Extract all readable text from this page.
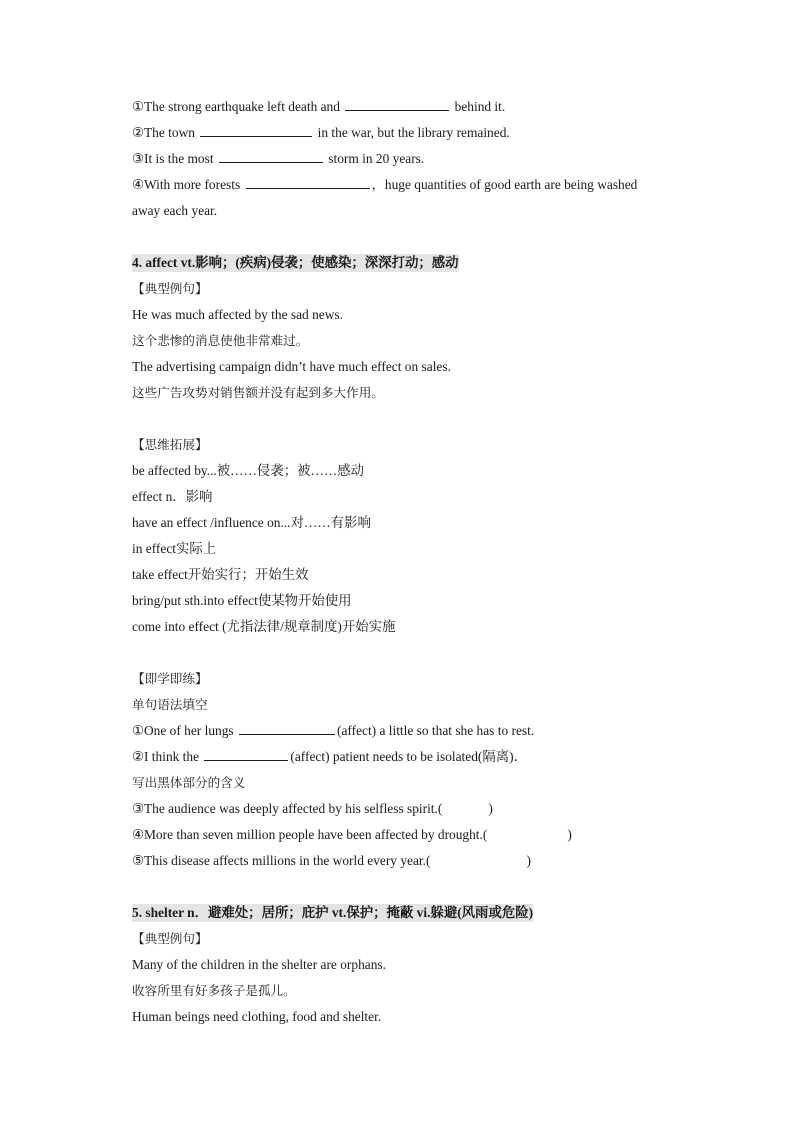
①The strong earthquake left death and	behind it.
②The town	in the war, but the library remained.
③It is the most	storm in 20 years.
④With more forests	，huge quantities of good earth are being washed
away each year.
4. affect vt.影响；(疾病)侵袭；使感染；深深打动；感动
【典型例句】
He was much affected by the sad news.
这个悲惨的消息使他非常难过。
The advertising campaign didn’t have much effect on sales.
这些广告攻势对销售额并没有起到多大作用。
【思维拓展】
be affected by...被……侵袭；被……感动
effect n．影响
have an effect /influence on...对……有影响
in effect实际上
take effect开始实行；开始生效
bring/put sth.into effect使某物开始使用
come into effect (尤指法律/规章制度)开始实施
【即学即练】
单句语法填空
①One of her lungs	(affect) a little so that she has to rest.
②I think the	(affect) patient needs to be isolated(隔离)．
写出黑体部分的含义
③The audience was deeply affected by his selfless spirit.(	)
④More than seven million people have been affected by drought.(	)
⑤This disease affects millions in the world every year.(	)
5. shelter n．避难处；居所；庇护 vt.保护；掩蔽 vi.躲避(风雨或危险)
【典型例句】
Many of the children in the shelter are orphans.
收容所里有好多孩子是孤儿。
Human beings need clothing, food and shelter.
